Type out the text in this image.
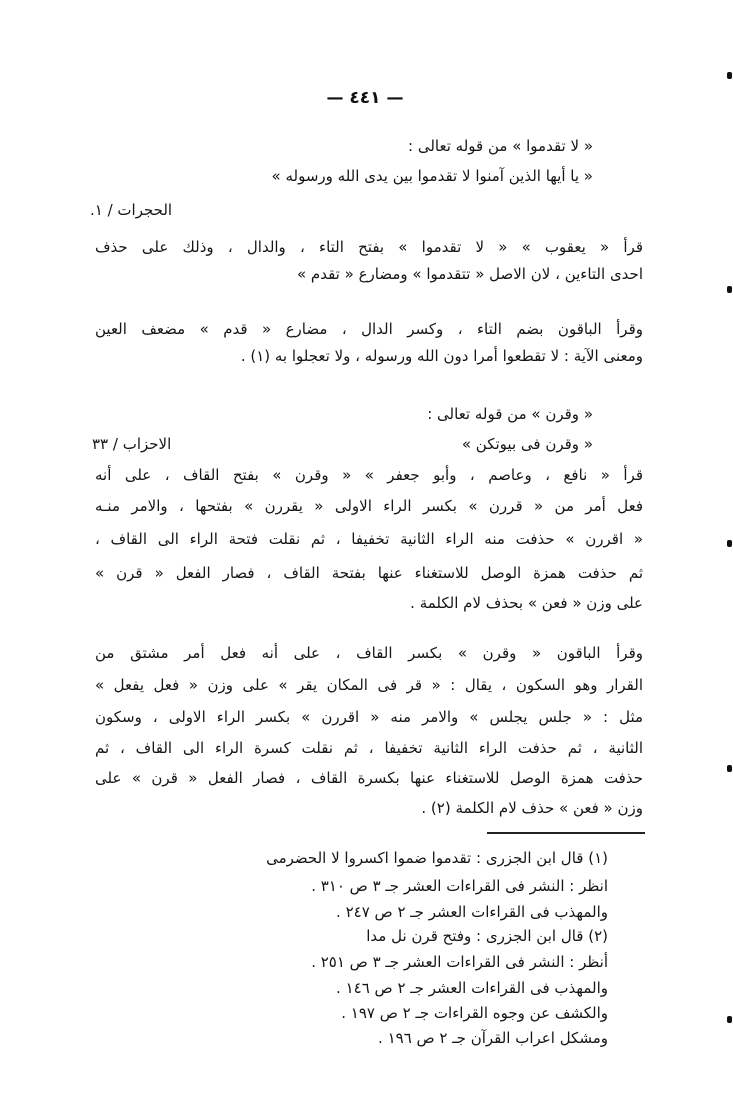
— ٤٤١ —
« لا تقدموا » من قوله تعالى :
« يا أيها الذين آمنوا لا تقدموا بين يدى الله ورسوله »
الحجرات / ١.
قرأ « يعقوب » « لا تقدموا » بفتح التاء ، والدال ، وذلك على حذف
احدى التاءين ، لان الاصل « تتقدموا » ومضارع « تقدم »
وقرأ الباقون بضم التاء ، وكسر الدال ، مضارع « قدم » مضعف العين
ومعنى الآية : لا تقطعوا أمرا دون الله ورسوله ، ولا تعجلوا به (١) .
« وقرن » من قوله تعالى :
« وقرن فى بيوتكن »
الاحزاب / ٣٣
قرأ « نافع ، وعاصم ، وأبو جعفر » « وقرن » بفتح القاف ، على أنه
فعل أمر من « قررن » بكسر الراء الاولى « يقررن » بفتحها ، والامر منـه
« اقررن » حذفت منه الراء الثانية تخفيفا ، ثم نقلت فتحة الراء الى القاف ،
ثم حذفت همزة الوصل للاستغناء عنها بفتحة القاف ، فصار الفعل « قرن »
على وزن « فعن » بحذف لام الكلمة .
وقرأ الباقون « وقرن » بكسر القاف ، على أنه فعل أمر مشتق من
القرار وهو السكون ، يقال : « قر فى المكان يقر » على وزن « فعل يفعل »
مثل : « جلس يجلس » والامر منه « اقررن » بكسر الراء الاولى ، وسكون
الثانية ، ثم حذفت الراء الثانية تخفيفا ، ثم نقلت كسرة الراء الى القاف ، ثم
حذفت همزة الوصل للاستغناء عنها بكسرة القاف ، فصار الفعل « قرن » على
وزن « فعن » حذف لام الكلمة (٢) .
(١) قال ابن الجزرى : تقدموا ضموا اكسروا لا الحضرمى
انظر : النشر فى القراءات العشر جـ ٣ ص ٣١٠ .
والمهذب فى القراءات العشر جـ ٢ ص ٢٤٧ .
(٢) قال ابن الجزرى : وفتح قرن نل مدا
أنظر : النشر فى القراءات العشر جـ ٣ ص ٢٥١ .
والمهذب فى القراءات العشر جـ ٢ ص ١٤٦ .
والكشف عن وجوه القراءات جـ ٢ ص ١٩٧ .
ومشكل اعراب القرآن جـ ٢ ص ١٩٦ .
